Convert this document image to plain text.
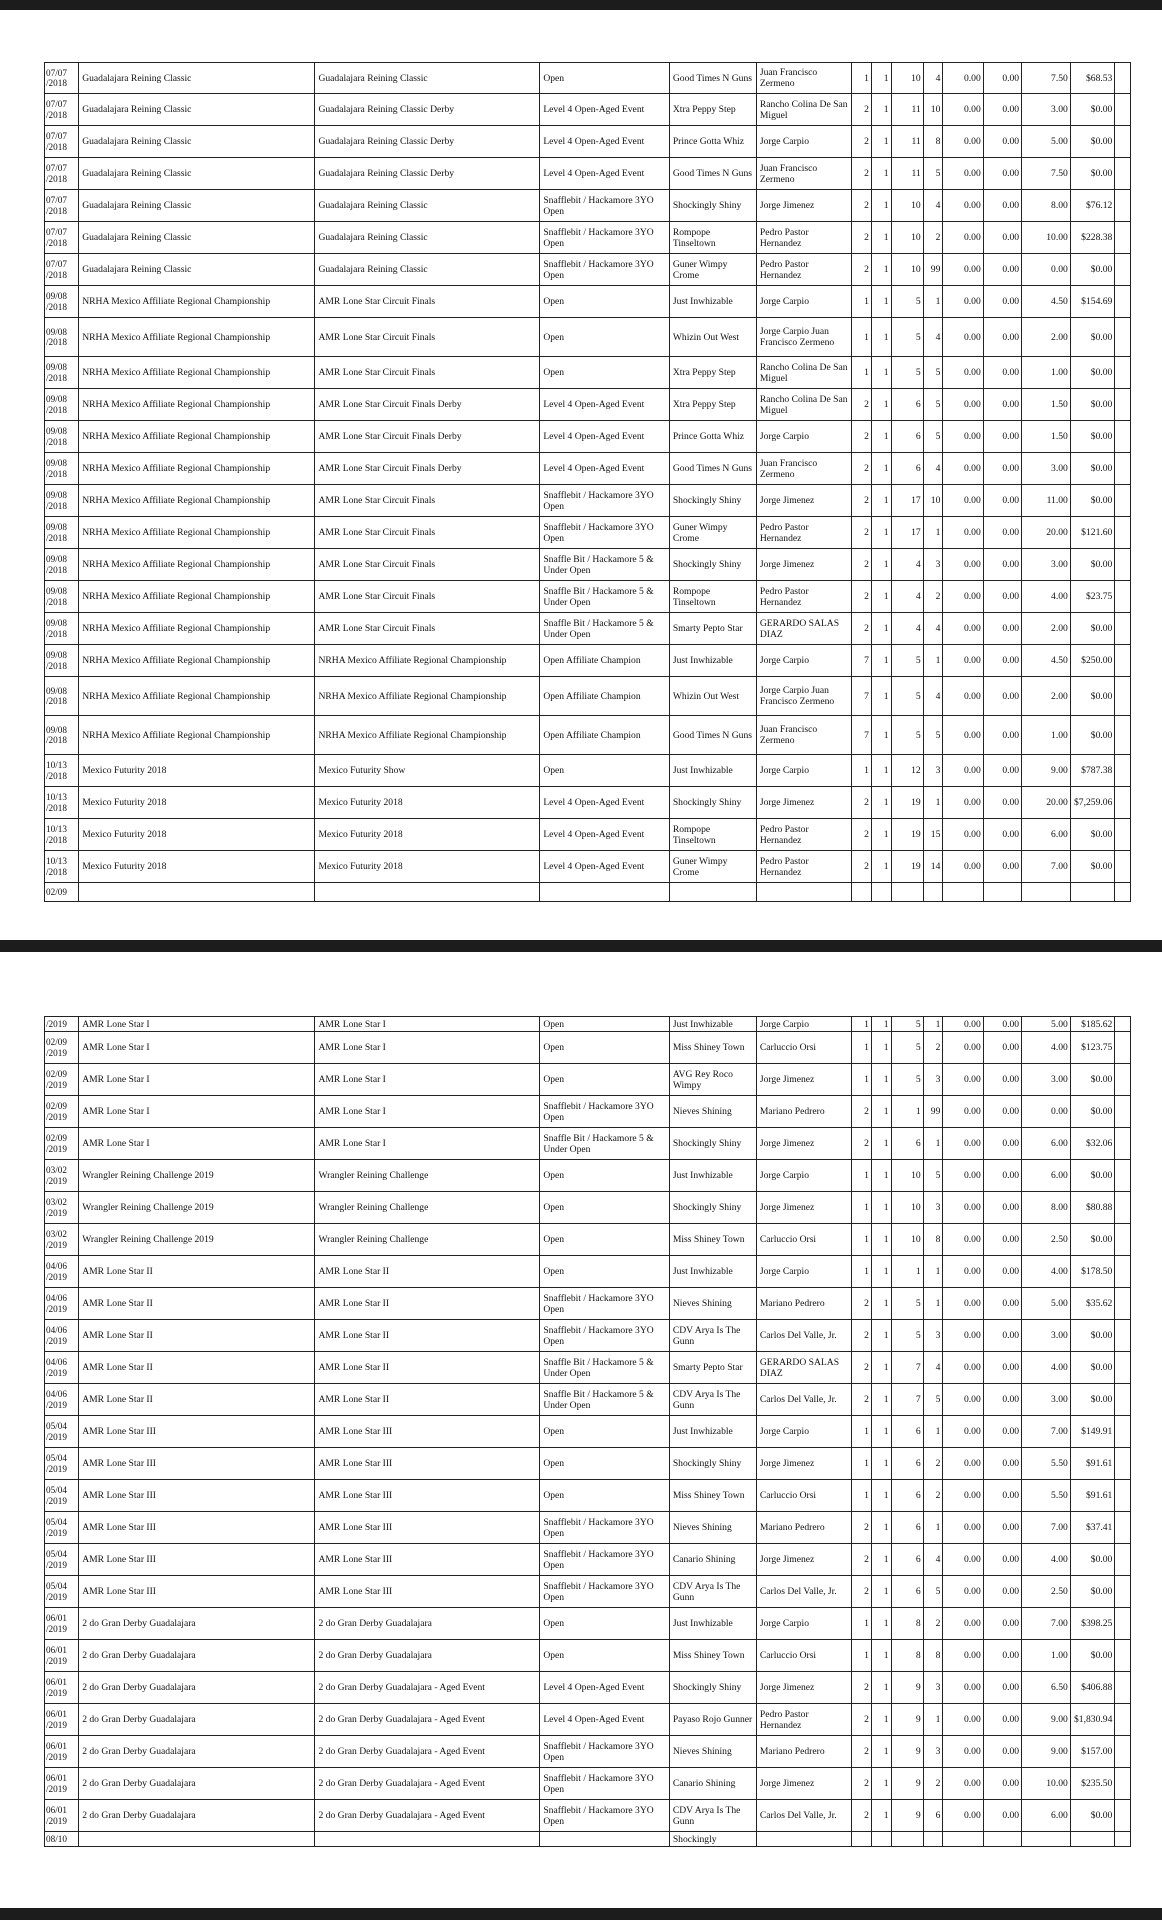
07/07 /2018	Guadalajara Reining Classic	Guadalajara Reining Classic	Open	Good Times N Guns	Juan Francisco Zermeno	1	1	10	4	0.00	0.00	7.50	$68.53	
07/07 /2018	Guadalajara Reining Classic	Guadalajara Reining Classic Derby	Level 4 Open-Aged Event	Xtra Peppy Step	Rancho Colina De San Miguel	2	1	11	10	0.00	0.00	3.00	$0.00	
07/07 /2018	Guadalajara Reining Classic	Guadalajara Reining Classic Derby	Level 4 Open-Aged Event	Prince Gotta Whiz	Jorge Carpio	2	1	11	8	0.00	0.00	5.00	$0.00	
07/07 /2018	Guadalajara Reining Classic	Guadalajara Reining Classic Derby	Level 4 Open-Aged Event	Good Times N Guns	Juan Francisco Zermeno	2	1	11	5	0.00	0.00	7.50	$0.00	
07/07 /2018	Guadalajara Reining Classic	Guadalajara Reining Classic	Snafflebit / Hackamore 3YO Open	Shockingly Shiny	Jorge Jimenez	2	1	10	4	0.00	0.00	8.00	$76.12	
07/07 /2018	Guadalajara Reining Classic	Guadalajara Reining Classic	Snafflebit / Hackamore 3YO Open	Rompope Tinseltown	Pedro Pastor Hernandez	2	1	10	2	0.00	0.00	10.00	$228.38	
07/07 /2018	Guadalajara Reining Classic	Guadalajara Reining Classic	Snafflebit / Hackamore 3YO Open	Guner Wimpy Crome	Pedro Pastor Hernandez	2	1	10	99	0.00	0.00	0.00	$0.00	
09/08 /2018	NRHA Mexico Affiliate Regional Championship	AMR Lone Star Circuit Finals	Open	Just Inwhizable	Jorge Carpio	1	1	5	1	0.00	0.00	4.50	$154.69	
09/08 /2018	NRHA Mexico Affiliate Regional Championship	AMR Lone Star Circuit Finals	Open	Whizin Out West	Jorge Carpio Juan Francisco Zermeno	1	1	5	4	0.00	0.00	2.00	$0.00	
09/08 /2018	NRHA Mexico Affiliate Regional Championship	AMR Lone Star Circuit Finals	Open	Xtra Peppy Step	Rancho Colina De San Miguel	1	1	5	5	0.00	0.00	1.00	$0.00	
09/08 /2018	NRHA Mexico Affiliate Regional Championship	AMR Lone Star Circuit Finals Derby	Level 4 Open-Aged Event	Xtra Peppy Step	Rancho Colina De San Miguel	2	1	6	5	0.00	0.00	1.50	$0.00	
09/08 /2018	NRHA Mexico Affiliate Regional Championship	AMR Lone Star Circuit Finals Derby	Level 4 Open-Aged Event	Prince Gotta Whiz	Jorge Carpio	2	1	6	5	0.00	0.00	1.50	$0.00	
09/08 /2018	NRHA Mexico Affiliate Regional Championship	AMR Lone Star Circuit Finals Derby	Level 4 Open-Aged Event	Good Times N Guns	Juan Francisco Zermeno	2	1	6	4	0.00	0.00	3.00	$0.00	
09/08 /2018	NRHA Mexico Affiliate Regional Championship	AMR Lone Star Circuit Finals	Snafflebit / Hackamore 3YO Open	Shockingly Shiny	Jorge Jimenez	2	1	17	10	0.00	0.00	11.00	$0.00	
09/08 /2018	NRHA Mexico Affiliate Regional Championship	AMR Lone Star Circuit Finals	Snafflebit / Hackamore 3YO Open	Guner Wimpy Crome	Pedro Pastor Hernandez	2	1	17	1	0.00	0.00	20.00	$121.60	
09/08 /2018	NRHA Mexico Affiliate Regional Championship	AMR Lone Star Circuit Finals	Snaffle Bit / Hackamore 5 & Under Open	Shockingly Shiny	Jorge Jimenez	2	1	4	3	0.00	0.00	3.00	$0.00	
09/08 /2018	NRHA Mexico Affiliate Regional Championship	AMR Lone Star Circuit Finals	Snaffle Bit / Hackamore 5 & Under Open	Rompope Tinseltown	Pedro Pastor Hernandez	2	1	4	2	0.00	0.00	4.00	$23.75	
09/08 /2018	NRHA Mexico Affiliate Regional Championship	AMR Lone Star Circuit Finals	Snaffle Bit / Hackamore 5 & Under Open	Smarty Pepto Star	GERARDO SALAS DIAZ	2	1	4	4	0.00	0.00	2.00	$0.00	
09/08 /2018	NRHA Mexico Affiliate Regional Championship	NRHA Mexico Affiliate Regional Championship	Open Affiliate Champion	Just Inwhizable	Jorge Carpio	7	1	5	1	0.00	0.00	4.50	$250.00	
09/08 /2018	NRHA Mexico Affiliate Regional Championship	NRHA Mexico Affiliate Regional Championship	Open Affiliate Champion	Whizin Out West	Jorge Carpio Juan Francisco Zermeno	7	1	5	4	0.00	0.00	2.00	$0.00	
09/08 /2018	NRHA Mexico Affiliate Regional Championship	NRHA Mexico Affiliate Regional Championship	Open Affiliate Champion	Good Times N Guns	Juan Francisco Zermeno	7	1	5	5	0.00	0.00	1.00	$0.00	
10/13 /2018	Mexico Futurity 2018	Mexico Futurity Show	Open	Just Inwhizable	Jorge Carpio	1	1	12	3	0.00	0.00	9.00	$787.38	
10/13 /2018	Mexico Futurity 2018	Mexico Futurity 2018	Level 4 Open-Aged Event	Shockingly Shiny	Jorge Jimenez	2	1	19	1	0.00	0.00	20.00	$7,259.06	
10/13 /2018	Mexico Futurity 2018	Mexico Futurity 2018	Level 4 Open-Aged Event	Rompope Tinseltown	Pedro Pastor Hernandez	2	1	19	15	0.00	0.00	6.00	$0.00	
10/13 /2018	Mexico Futurity 2018	Mexico Futurity 2018	Level 4 Open-Aged Event	Guner Wimpy Crome	Pedro Pastor Hernandez	2	1	19	14	0.00	0.00	7.00	$0.00	
02/09														
/2019	AMR Lone Star I	AMR Lone Star I	Open	Just Inwhizable	Jorge Carpio	1	1	5	1	0.00	0.00	5.00	$185.62	
02/09 /2019	AMR Lone Star I	AMR Lone Star I	Open	Miss Shiney Town	Carluccio Orsi	1	1	5	2	0.00	0.00	4.00	$123.75	
02/09 /2019	AMR Lone Star I	AMR Lone Star I	Open	AVG Rey Roco Wimpy	Jorge Jimenez	1	1	5	3	0.00	0.00	3.00	$0.00	
02/09 /2019	AMR Lone Star I	AMR Lone Star I	Snafflebit / Hackamore 3YO Open	Nieves Shining	Mariano Pedrero	2	1	1	99	0.00	0.00	0.00	$0.00	
02/09 /2019	AMR Lone Star I	AMR Lone Star I	Snaffle Bit / Hackamore 5 & Under Open	Shockingly Shiny	Jorge Jimenez	2	1	6	1	0.00	0.00	6.00	$32.06	
03/02 /2019	Wrangler Reining Challenge 2019	Wrangler Reining Challenge	Open	Just Inwhizable	Jorge Carpio	1	1	10	5	0.00	0.00	6.00	$0.00	
03/02 /2019	Wrangler Reining Challenge 2019	Wrangler Reining Challenge	Open	Shockingly Shiny	Jorge Jimenez	1	1	10	3	0.00	0.00	8.00	$80.88	
03/02 /2019	Wrangler Reining Challenge 2019	Wrangler Reining Challenge	Open	Miss Shiney Town	Carluccio Orsi	1	1	10	8	0.00	0.00	2.50	$0.00	
04/06 /2019	AMR Lone Star II	AMR Lone Star II	Open	Just Inwhizable	Jorge Carpio	1	1	1	1	0.00	0.00	4.00	$178.50	
04/06 /2019	AMR Lone Star II	AMR Lone Star II	Snafflebit / Hackamore 3YO Open	Nieves Shining	Mariano Pedrero	2	1	5	1	0.00	0.00	5.00	$35.62	
04/06 /2019	AMR Lone Star II	AMR Lone Star II	Snafflebit / Hackamore 3YO Open	CDV Arya Is The Gunn	Carlos Del Valle, Jr.	2	1	5	3	0.00	0.00	3.00	$0.00	
04/06 /2019	AMR Lone Star II	AMR Lone Star II	Snaffle Bit / Hackamore 5 & Under Open	Smarty Pepto Star	GERARDO SALAS DIAZ	2	1	7	4	0.00	0.00	4.00	$0.00	
04/06 /2019	AMR Lone Star II	AMR Lone Star II	Snaffle Bit / Hackamore 5 & Under Open	CDV Arya Is The Gunn	Carlos Del Valle, Jr.	2	1	7	5	0.00	0.00	3.00	$0.00	
05/04 /2019	AMR Lone Star III	AMR Lone Star III	Open	Just Inwhizable	Jorge Carpio	1	1	6	1	0.00	0.00	7.00	$149.91	
05/04 /2019	AMR Lone Star III	AMR Lone Star III	Open	Shockingly Shiny	Jorge Jimenez	1	1	6	2	0.00	0.00	5.50	$91.61	
05/04 /2019	AMR Lone Star III	AMR Lone Star III	Open	Miss Shiney Town	Carluccio Orsi	1	1	6	2	0.00	0.00	5.50	$91.61	
05/04 /2019	AMR Lone Star III	AMR Lone Star III	Snafflebit / Hackamore 3YO Open	Nieves Shining	Mariano Pedrero	2	1	6	1	0.00	0.00	7.00	$37.41	
05/04 /2019	AMR Lone Star III	AMR Lone Star III	Snafflebit / Hackamore 3YO Open	Canario Shining	Jorge Jimenez	2	1	6	4	0.00	0.00	4.00	$0.00	
05/04 /2019	AMR Lone Star III	AMR Lone Star III	Snafflebit / Hackamore 3YO Open	CDV Arya Is The Gunn	Carlos Del Valle, Jr.	2	1	6	5	0.00	0.00	2.50	$0.00	
06/01 /2019	2 do Gran Derby Guadalajara	2 do Gran Derby Guadalajara	Open	Just Inwhizable	Jorge Carpio	1	1	8	2	0.00	0.00	7.00	$398.25	
06/01 /2019	2 do Gran Derby Guadalajara	2 do Gran Derby Guadalajara	Open	Miss Shiney Town	Carluccio Orsi	1	1	8	8	0.00	0.00	1.00	$0.00	
06/01 /2019	2 do Gran Derby Guadalajara	2 do Gran Derby Guadalajara - Aged Event	Level 4 Open-Aged Event	Shockingly Shiny	Jorge Jimenez	2	1	9	3	0.00	0.00	6.50	$406.88	
06/01 /2019	2 do Gran Derby Guadalajara	2 do Gran Derby Guadalajara - Aged Event	Level 4 Open-Aged Event	Payaso Rojo Gunner	Pedro Pastor Hernandez	2	1	9	1	0.00	0.00	9.00	$1,830.94	
06/01 /2019	2 do Gran Derby Guadalajara	2 do Gran Derby Guadalajara - Aged Event	Snafflebit / Hackamore 3YO Open	Nieves Shining	Mariano Pedrero	2	1	9	3	0.00	0.00	9.00	$157.00	
06/01 /2019	2 do Gran Derby Guadalajara	2 do Gran Derby Guadalajara - Aged Event	Snafflebit / Hackamore 3YO Open	Canario Shining	Jorge Jimenez	2	1	9	2	0.00	0.00	10.00	$235.50	
06/01 /2019	2 do Gran Derby Guadalajara	2 do Gran Derby Guadalajara - Aged Event	Snafflebit / Hackamore 3YO Open	CDV Arya Is The Gunn	Carlos Del Valle, Jr.	2	1	9	6	0.00	0.00	6.00	$0.00	
08/10				Shockingly										
